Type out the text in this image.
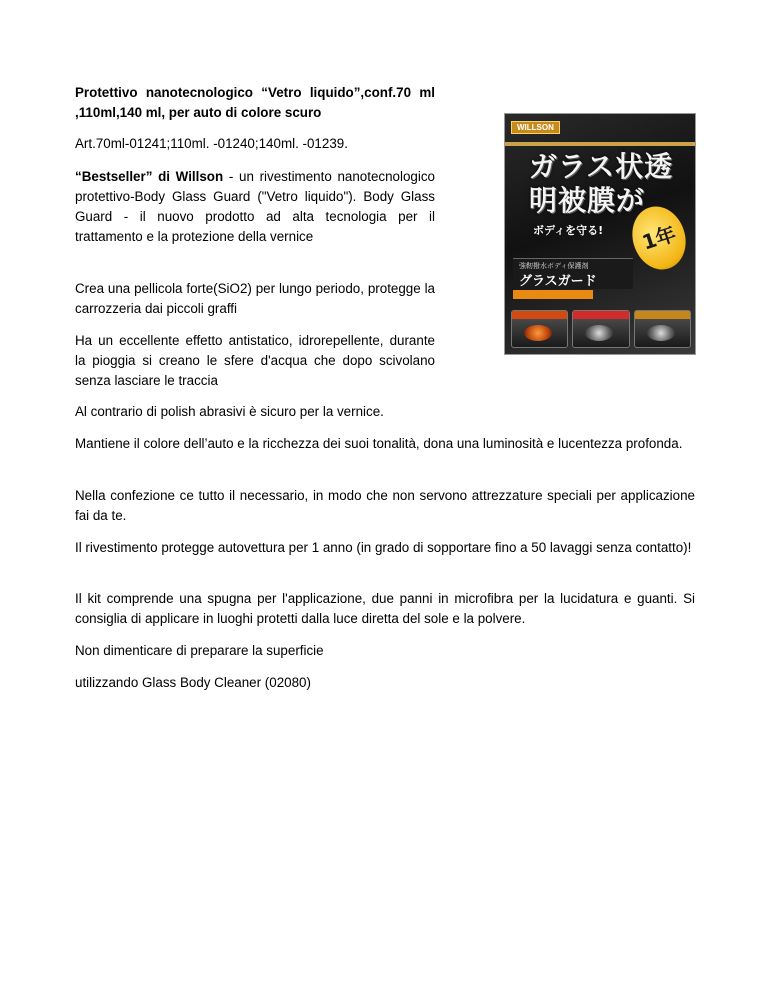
Protettivo nanotecnologico “Vetro liquido”,conf.70 ml ,110ml,140 ml, per auto di colore scuro

Art.70ml-01241;110ml. -01240;140ml. -01239.

“Bestseller” di Willson - un rivestimento nanotecnologico protettivo-Body Glass Guard ("Vetro liquido"). Body Glass Guard - il nuovo prodotto ad alta tecnologia per il trattamento e la protezione della vernice

Crea una pellicola forte(SiO2) per lungo periodo, protegge la carrozzeria dai piccoli graffi

Ha un eccellente effetto antistatico, idrorepellente, durante la pioggia si creano le sfere d'acqua che dopo scivolano senza lasciare le traccia

Al contrario di polish abrasivi è sicuro per la vernice.

Mantiene il colore dell’auto e la ricchezza dei suoi tonalità, dona una luminosità e lucentezza profonda.

Nella confezione ce tutto il necessario, in modo che non servono attrezzature speciali per applicazione fai da te.

Il rivestimento protegge autovettura per 1 anno (in grado di sopportare fino a 50 lavaggi senza contatto)!

Il kit comprende una spugna per l'applicazione, due panni in microfibra per la lucidatura e guanti. Si consiglia di applicare in luoghi protetti dalla luce diretta del sole e la polvere.

Non dimenticare di preparare la superficie

utilizzando Glass Body Cleaner (02080)

WILLSON
ガラス状透明被膜が
ボディを守る!	1年
強靭撥水ボディ保護剤
グラスガード
